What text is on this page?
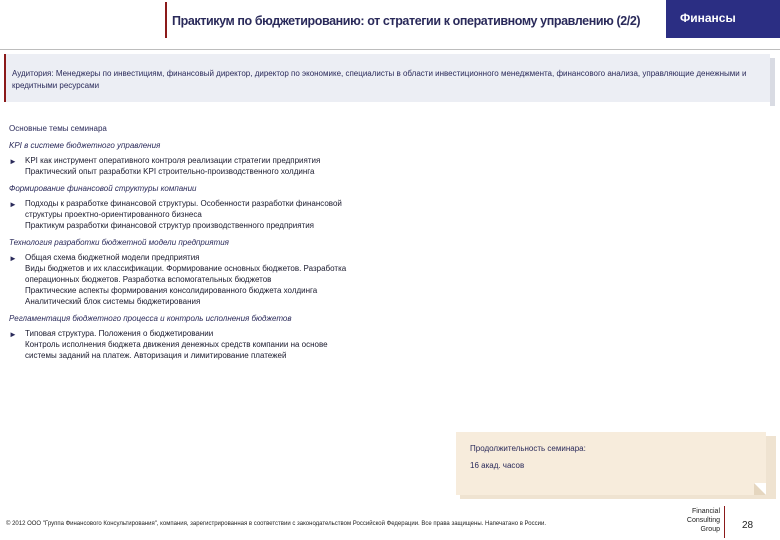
Практикум по бюджетированию: от стратегии к оперативному управлению (2/2)	Финансы
Аудитория: Менеджеры по инвестициям, финансовый директор, директор по экономике, специалисты в области инвестиционного менеджмента, финансового анализа, управляющие денежными и кредитными ресурсами
Основные темы семинара
KPI в системе бюджетного управления
► KPI как инструмент оперативного контроля реализации стратегии предприятия
Практический опыт разработки KPI строительно-производственного холдинга
Формирование финансовой структуры компании
► Подходы к разработке финансовой структуры. Особенности разработки финансовой
структуры проектно-ориентированного бизнеса
Практикум разработки финансовой структур производственного предприятия
Технология разработки бюджетной модели предприятия
► Общая схема бюджетной модели предприятия
Виды бюджетов и их классификации. Формирование основных бюджетов. Разработка
операционных бюджетов. Разработка вспомогательных бюджетов
Практические аспекты формирования консолидированного бюджета холдинга
Аналитический блок системы бюджетирования
Регламентация бюджетного процесса и контроль исполнения бюджетов
► Типовая структура. Положения о бюджетировании
Контроль исполнения бюджета движения денежных средств компании на основе
системы заданий на платеж. Авторизация и лимитирование платежей
Продолжительность семинара:
16 акад. часов
© 2012 ООО "Группа Финансового Консультирования", компания, зарегистрированная в соответствии с законодательством Российской Федерации. Все права защищены. Напечатано в России.
Financial
Consulting
Group 28
